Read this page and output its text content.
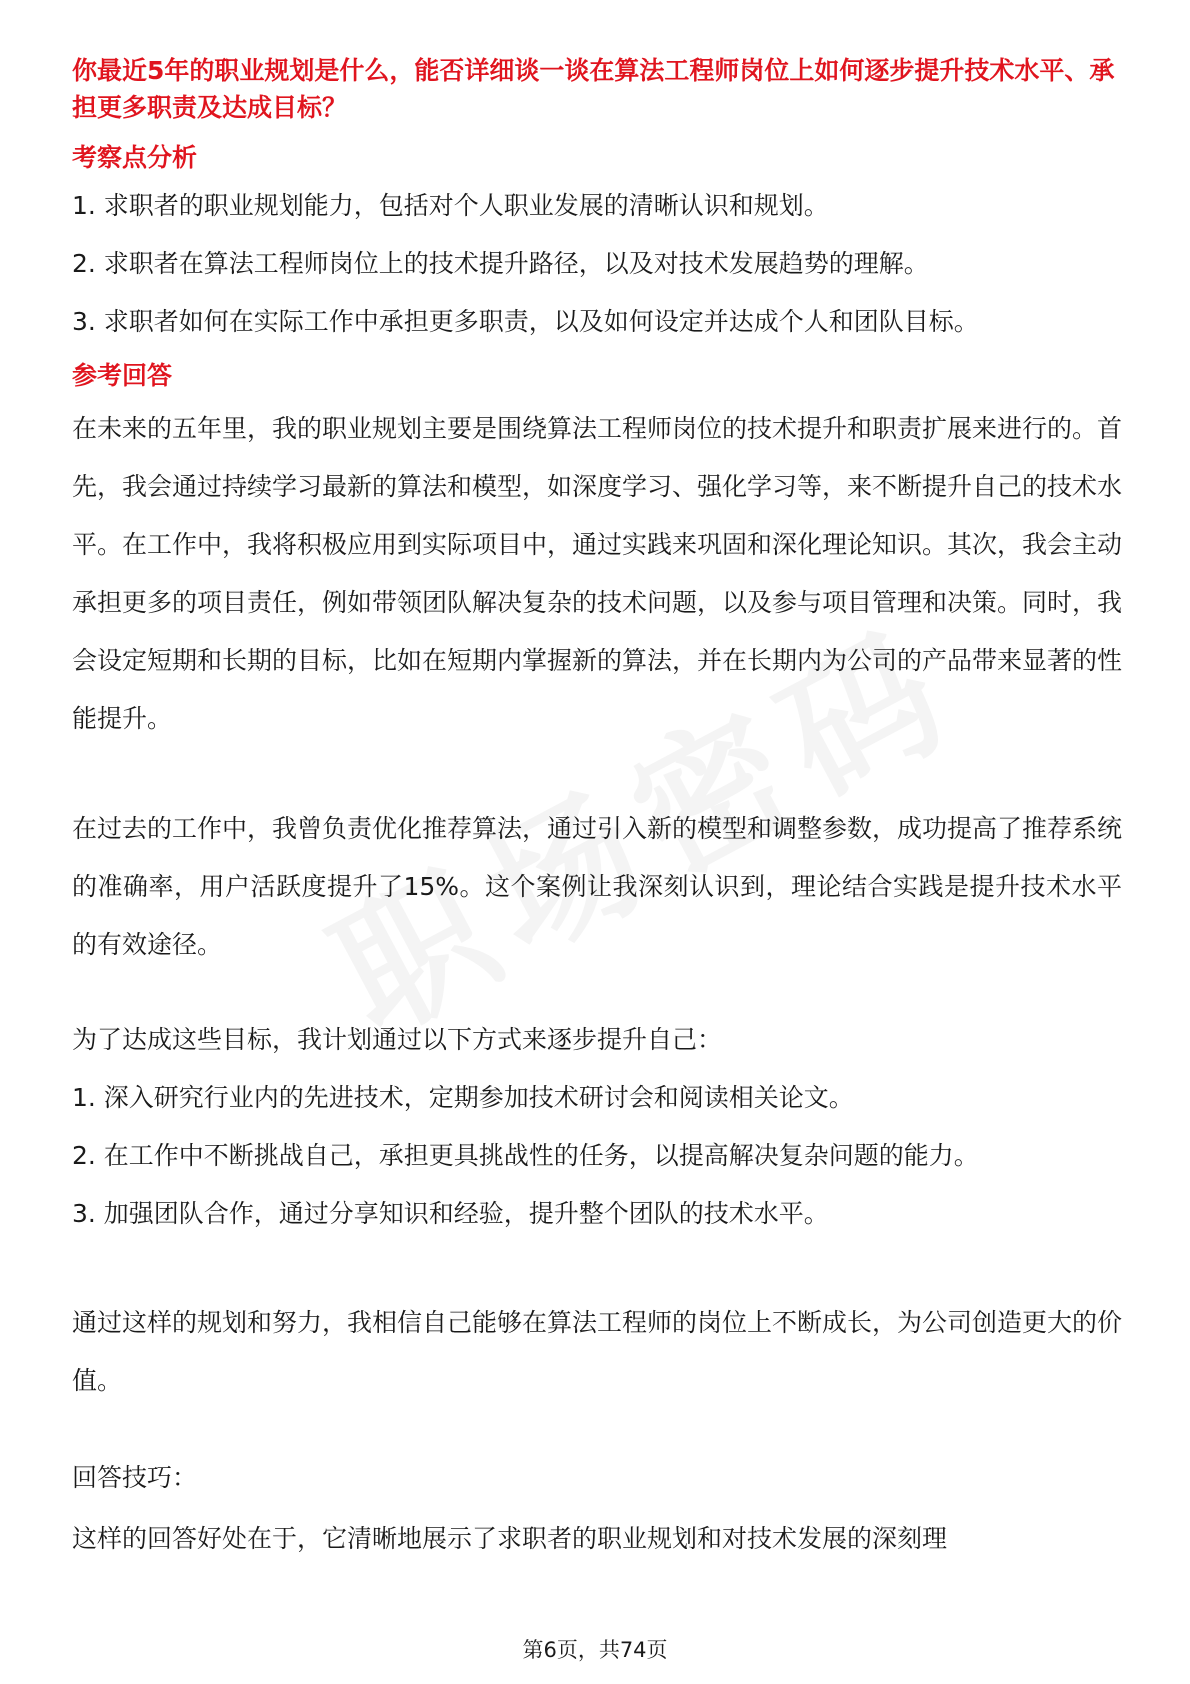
你最近5年的职业规划是什么，能否详细谈一谈在算法工程师岗位上如何逐步提升技术水平、承担更多职责及达成目标？

考察点分析

1. 求职者的职业规划能力，包括对个人职业发展的清晰认识和规划。

2. 求职者在算法工程师岗位上的技术提升路径，以及对技术发展趋势的理解。

3. 求职者如何在实际工作中承担更多职责，以及如何设定并达成个人和团队目标。

参考回答

在未来的五年里，我的职业规划主要是围绕算法工程师岗位的技术提升和职责扩展来进行的。首先，我会通过持续学习最新的算法和模型，如深度学习、强化学习等，来不断提升自己的技术水平。在工作中，我将积极应用到实际项目中，通过实践来巩固和深化理论知识。其次，我会主动承担更多的项目责任，例如带领团队解决复杂的技术问题，以及参与项目管理和决策。同时，我会设定短期和长期的目标，比如在短期内掌握新的算法，并在长期内为公司的产品带来显著的性能提升。

在过去的工作中，我曾负责优化推荐算法，通过引入新的模型和调整参数，成功提高了推荐系统的准确率，用户活跃度提升了15%。这个案例让我深刻认识到，理论结合实践是提升技术水平的有效途径。

为了达成这些目标，我计划通过以下方式来逐步提升自己：

1. 深入研究行业内的先进技术，定期参加技术研讨会和阅读相关论文。

2. 在工作中不断挑战自己，承担更具挑战性的任务，以提高解决复杂问题的能力。

3. 加强团队合作，通过分享知识和经验，提升整个团队的技术水平。

通过这样的规划和努力，我相信自己能够在算法工程师的岗位上不断成长，为公司创造更大的价值。

回答技巧：

这样的回答好处在于，它清晰地展示了求职者的职业规划和对技术发展的深刻理

第6页，共74页
